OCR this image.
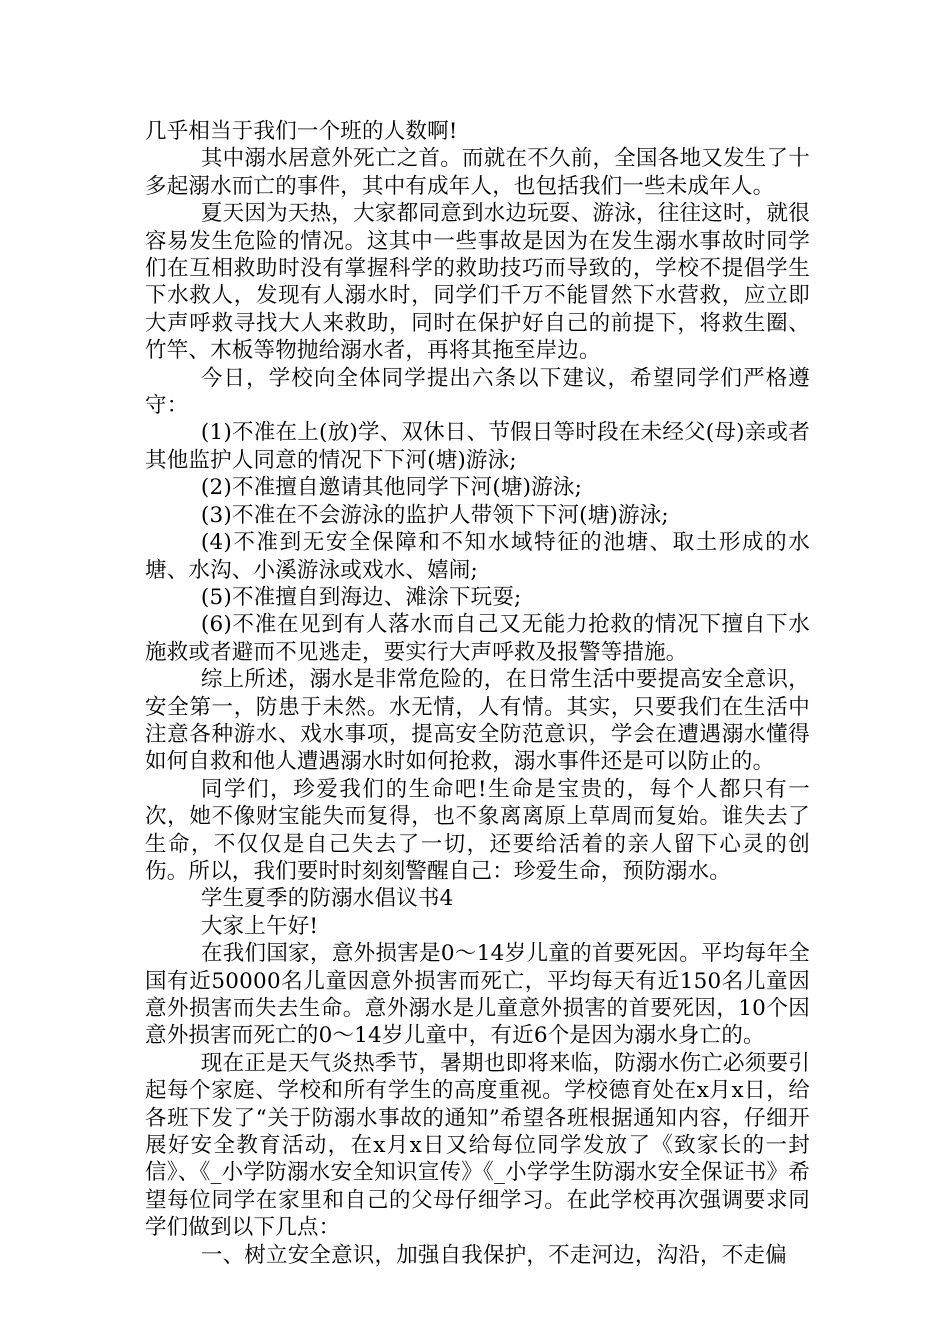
几乎相当于我们一个班的人数啊!

其中溺水居意外死亡之首。而就在不久前，全国各地又发生了十多起溺水而亡的事件，其中有成年人，也包括我们一些未成年人。

夏天因为天热，大家都同意到水边玩耍、游泳，往往这时，就很容易发生危险的情况。这其中一些事故是因为在发生溺水事故时同学们在互相救助时没有掌握科学的救助技巧而导致的，学校不提倡学生下水救人，发现有人溺水时，同学们千万不能冒然下水营救，应立即大声呼救寻找大人来救助，同时在保护好自己的前提下，将救生圈、竹竿、木板等物抛给溺水者，再将其拖至岸边。

今日，学校向全体同学提出六条以下建议，希望同学们严格遵守：

(1)不准在上(放)学、双休日、节假日等时段在未经父(母)亲或者其他监护人同意的情况下下河(塘)游泳;

(2)不准擅自邀请其他同学下河(塘)游泳;

(3)不准在不会游泳的监护人带领下下河(塘)游泳;

(4)不准到无安全保障和不知水域特征的池塘、取土形成的水塘、水沟、小溪游泳或戏水、嬉闹;

(5)不准擅自到海边、滩涂下玩耍;

(6)不准在见到有人落水而自己又无能力抢救的情况下擅自下水施救或者避而不见逃走，要实行大声呼救及报警等措施。

综上所述，溺水是非常危险的，在日常生活中要提高安全意识，安全第一，防患于未然。水无情，人有情。其实，只要我们在生活中注意各种游水、戏水事项，提高安全防范意识，学会在遭遇溺水懂得如何自救和他人遭遇溺水时如何抢救，溺水事件还是可以防止的。

同学们，珍爱我们的生命吧!生命是宝贵的，每个人都只有一次，她不像财宝能失而复得，也不象离离原上草周而复始。谁失去了生命，不仅仅是自己失去了一切，还要给活着的亲人留下心灵的创伤。所以，我们要时时刻刻警醒自己：珍爱生命，预防溺水。

学生夏季的防溺水倡议书4

大家上午好!

在我们国家，意外损害是0～14岁儿童的首要死因。平均每年全国有近50000名儿童因意外损害而死亡，平均每天有近150名儿童因意外损害而失去生命。意外溺水是儿童意外损害的首要死因，10个因意外损害而死亡的0～14岁儿童中，有近6个是因为溺水身亡的。

现在正是天气炎热季节，暑期也即将来临，防溺水伤亡必须要引起每个家庭、学校和所有学生的高度重视。学校德育处在x月x日，给各班下发了“关于防溺水事故的通知”希望各班根据通知内容，仔细开展好安全教育活动，在x月x日又给每位同学发放了《致家长的一封信》、《_小学防溺水安全知识宣传》《_小学学生防溺水安全保证书》希望每位同学在家里和自己的父母仔细学习。在此学校再次强调要求同学们做到以下几点：

一、树立安全意识，加强自我保护，不走河边，沟沿，不走偏
